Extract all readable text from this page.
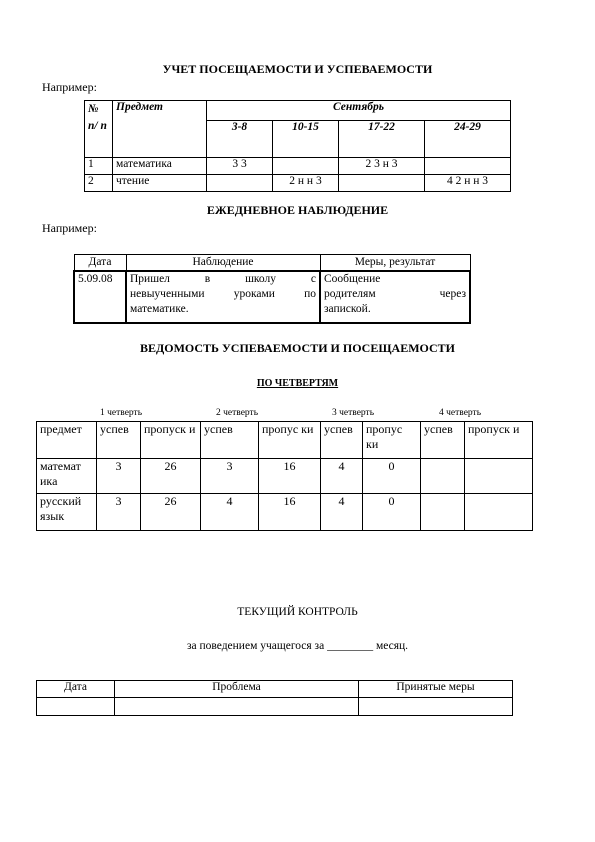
УЧЕТ ПОСЕЩАЕМОСТИ И УСПЕВАЕМОСТИ
Например:
№ п/ п	Предмет	Сентябрь			
		3-8	10-15	17-22	24-29
1	математика	3 3		2 3 н 3	
2	чтение		2 н н 3		4 2 н н 3
ЕЖЕДНЕВНОЕ НАБЛЮДЕНИЕ
Например:
Дата	Наблюдение	Меры, результат
5.09.08	Пришел в школу с
невыученными уроками по
математике.	Сообщение
родителям через
запиской.
ВЕДОМОСТЬ УСПЕВАЕМОСТИ И ПОСЕЩАЕМОСТИ
ПО ЧЕТВЕРТЯМ
1 четверть	2 четверть	3 четверть	4 четверть
предмет	успев	пропуск и	успев	пропус ки	успев	пропус ки	успев	пропуск и
математ ика	3	26	3	16	4	0		
русский язык	3	26	4	16	4	0		
ТЕКУЩИЙ КОНТРОЛЬ
за поведением учащегося за ________ месяц.
Дата	Проблема	Принятые меры
